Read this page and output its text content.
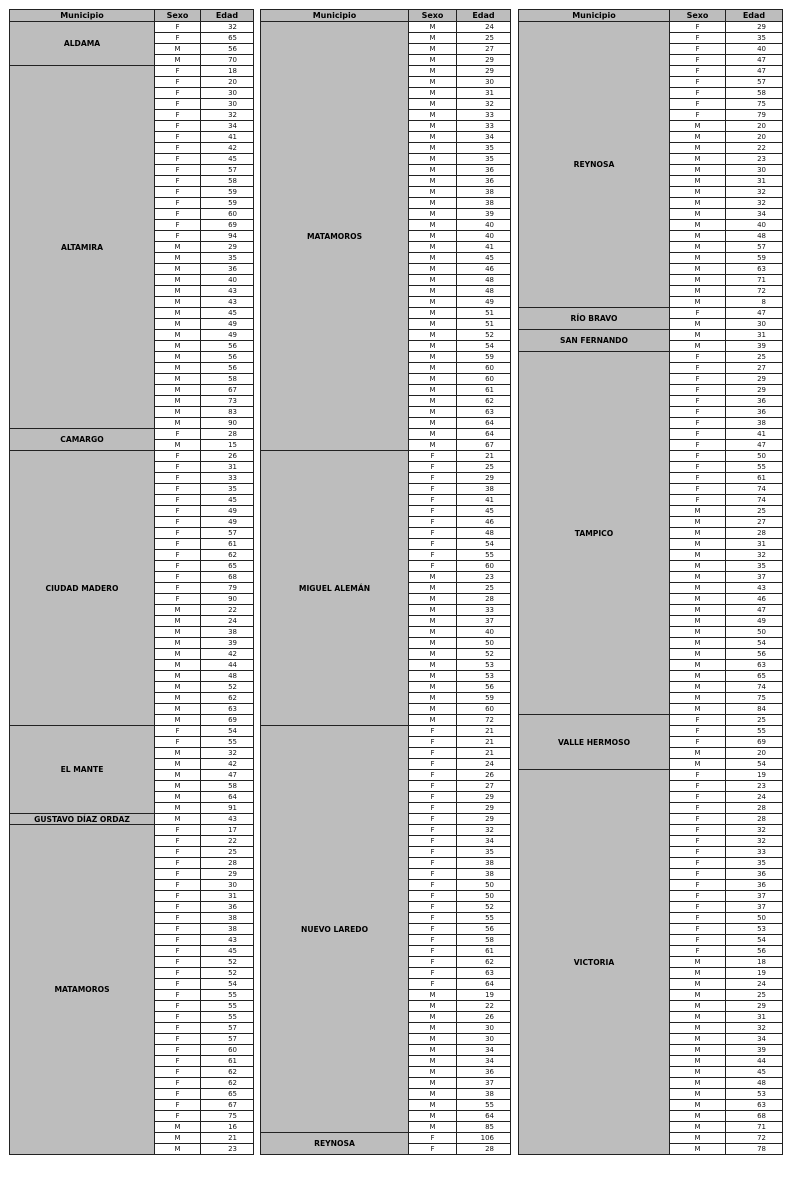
Municipio	Sexo	Edad
ALDAMA	F	32
	F	65
	M	56
	M	70
ALTAMIRA	F	18
	F	20
	F	30
	F	30
	F	32
	F	34
	F	41
	F	42
	F	45
	F	57
	F	58
	F	59
	F	59
	F	60
	F	69
	F	94
	M	29
	M	35
	M	36
	M	40
	M	43
	M	43
	M	45
	M	49
	M	49
	M	56
	M	56
	M	56
	M	58
	M	67
	M	73
	M	83
	M	90
CAMARGO	F	28
	M	15
CIUDAD MADERO	F	26
	F	31
	F	33
	F	35
	F	45
	F	49
	F	49
	F	57
	F	61
	F	62
	F	65
	F	68
	F	79
	F	90
	M	22
	M	24
	M	38
	M	39
	M	42
	M	44
	M	48
	M	52
	M	62
	M	63
	M	69
EL MANTE	F	54
	F	55
	M	32
	M	42
	M	47
	M	58
	M	64
	M	91
GUSTAVO DÍAZ ORDAZ	M	43
MATAMOROS	F	17
	F	22
	F	25
	F	28
	F	29
	F	30
	F	31
	F	36
	F	38
	F	38
	F	43
	F	45
	F	52
	F	52
	F	54
	F	55
	F	55
	F	55
	F	57
	F	57
	F	60
	F	61
	F	62
	F	62
	F	65
	F	67
	F	75
	M	16
	M	21
	M	23
Municipio	Sexo	Edad
MATAMOROS	M	24
	M	25
	M	27
	M	29
	M	29
	M	30
	M	31
	M	32
	M	33
	M	33
	M	34
	M	35
	M	35
	M	36
	M	36
	M	38
	M	38
	M	39
	M	40
	M	40
	M	41
	M	45
	M	46
	M	48
	M	48
	M	49
	M	51
	M	51
	M	52
	M	54
	M	59
	M	60
	M	60
	M	61
	M	62
	M	63
	M	64
	M	64
	M	67
MIGUEL ALEMÁN	F	21
	F	25
	F	29
	F	38
	F	41
	F	45
	F	46
	F	48
	F	54
	F	55
	F	60
	M	23
	M	25
	M	28
	M	33
	M	37
	M	40
	M	50
	M	52
	M	53
	M	53
	M	56
	M	59
	M	60
	M	72
NUEVO LAREDO	F	21
	F	21
	F	21
	F	24
	F	26
	F	27
	F	29
	F	29
	F	29
	F	32
	F	34
	F	35
	F	38
	F	38
	F	50
	F	50
	F	52
	F	55
	F	56
	F	58
	F	61
	F	62
	F	63
	F	64
	M	19
	M	22
	M	26
	M	30
	M	30
	M	34
	M	34
	M	36
	M	37
	M	38
	M	55
	M	64
	M	85
REYNOSA	F	106
	F	28
Municipio	Sexo	Edad
REYNOSA	F	29
	F	35
	F	40
	F	47
	F	47
	F	57
	F	58
	F	75
	F	79
	M	20
	M	20
	M	22
	M	23
	M	30
	M	31
	M	32
	M	32
	M	34
	M	40
	M	48
	M	57
	M	59
	M	63
	M	71
	M	72
	M	8
RÍO BRAVO	F	47
	M	30
SAN FERNANDO	M	31
	M	39
TAMPICO	F	25
	F	27
	F	29
	F	29
	F	36
	F	36
	F	38
	F	41
	F	47
	F	50
	F	55
	F	61
	F	74
	F	74
	M	25
	M	27
	M	28
	M	31
	M	32
	M	35
	M	37
	M	43
	M	46
	M	47
	M	49
	M	50
	M	54
	M	56
	M	63
	M	65
	M	74
	M	75
	M	84
VALLE HERMOSO	F	25
	F	55
	F	69
	M	20
	M	54
VICTORIA	F	19
	F	23
	F	24
	F	28
	F	28
	F	32
	F	32
	F	33
	F	35
	F	36
	F	36
	F	37
	F	37
	F	50
	F	53
	F	54
	F	56
	M	18
	M	19
	M	24
	M	25
	M	29
	M	31
	M	32
	M	34
	M	39
	M	44
	M	45
	M	48
	M	53
	M	63
	M	68
	M	71
	M	72
	M	78
